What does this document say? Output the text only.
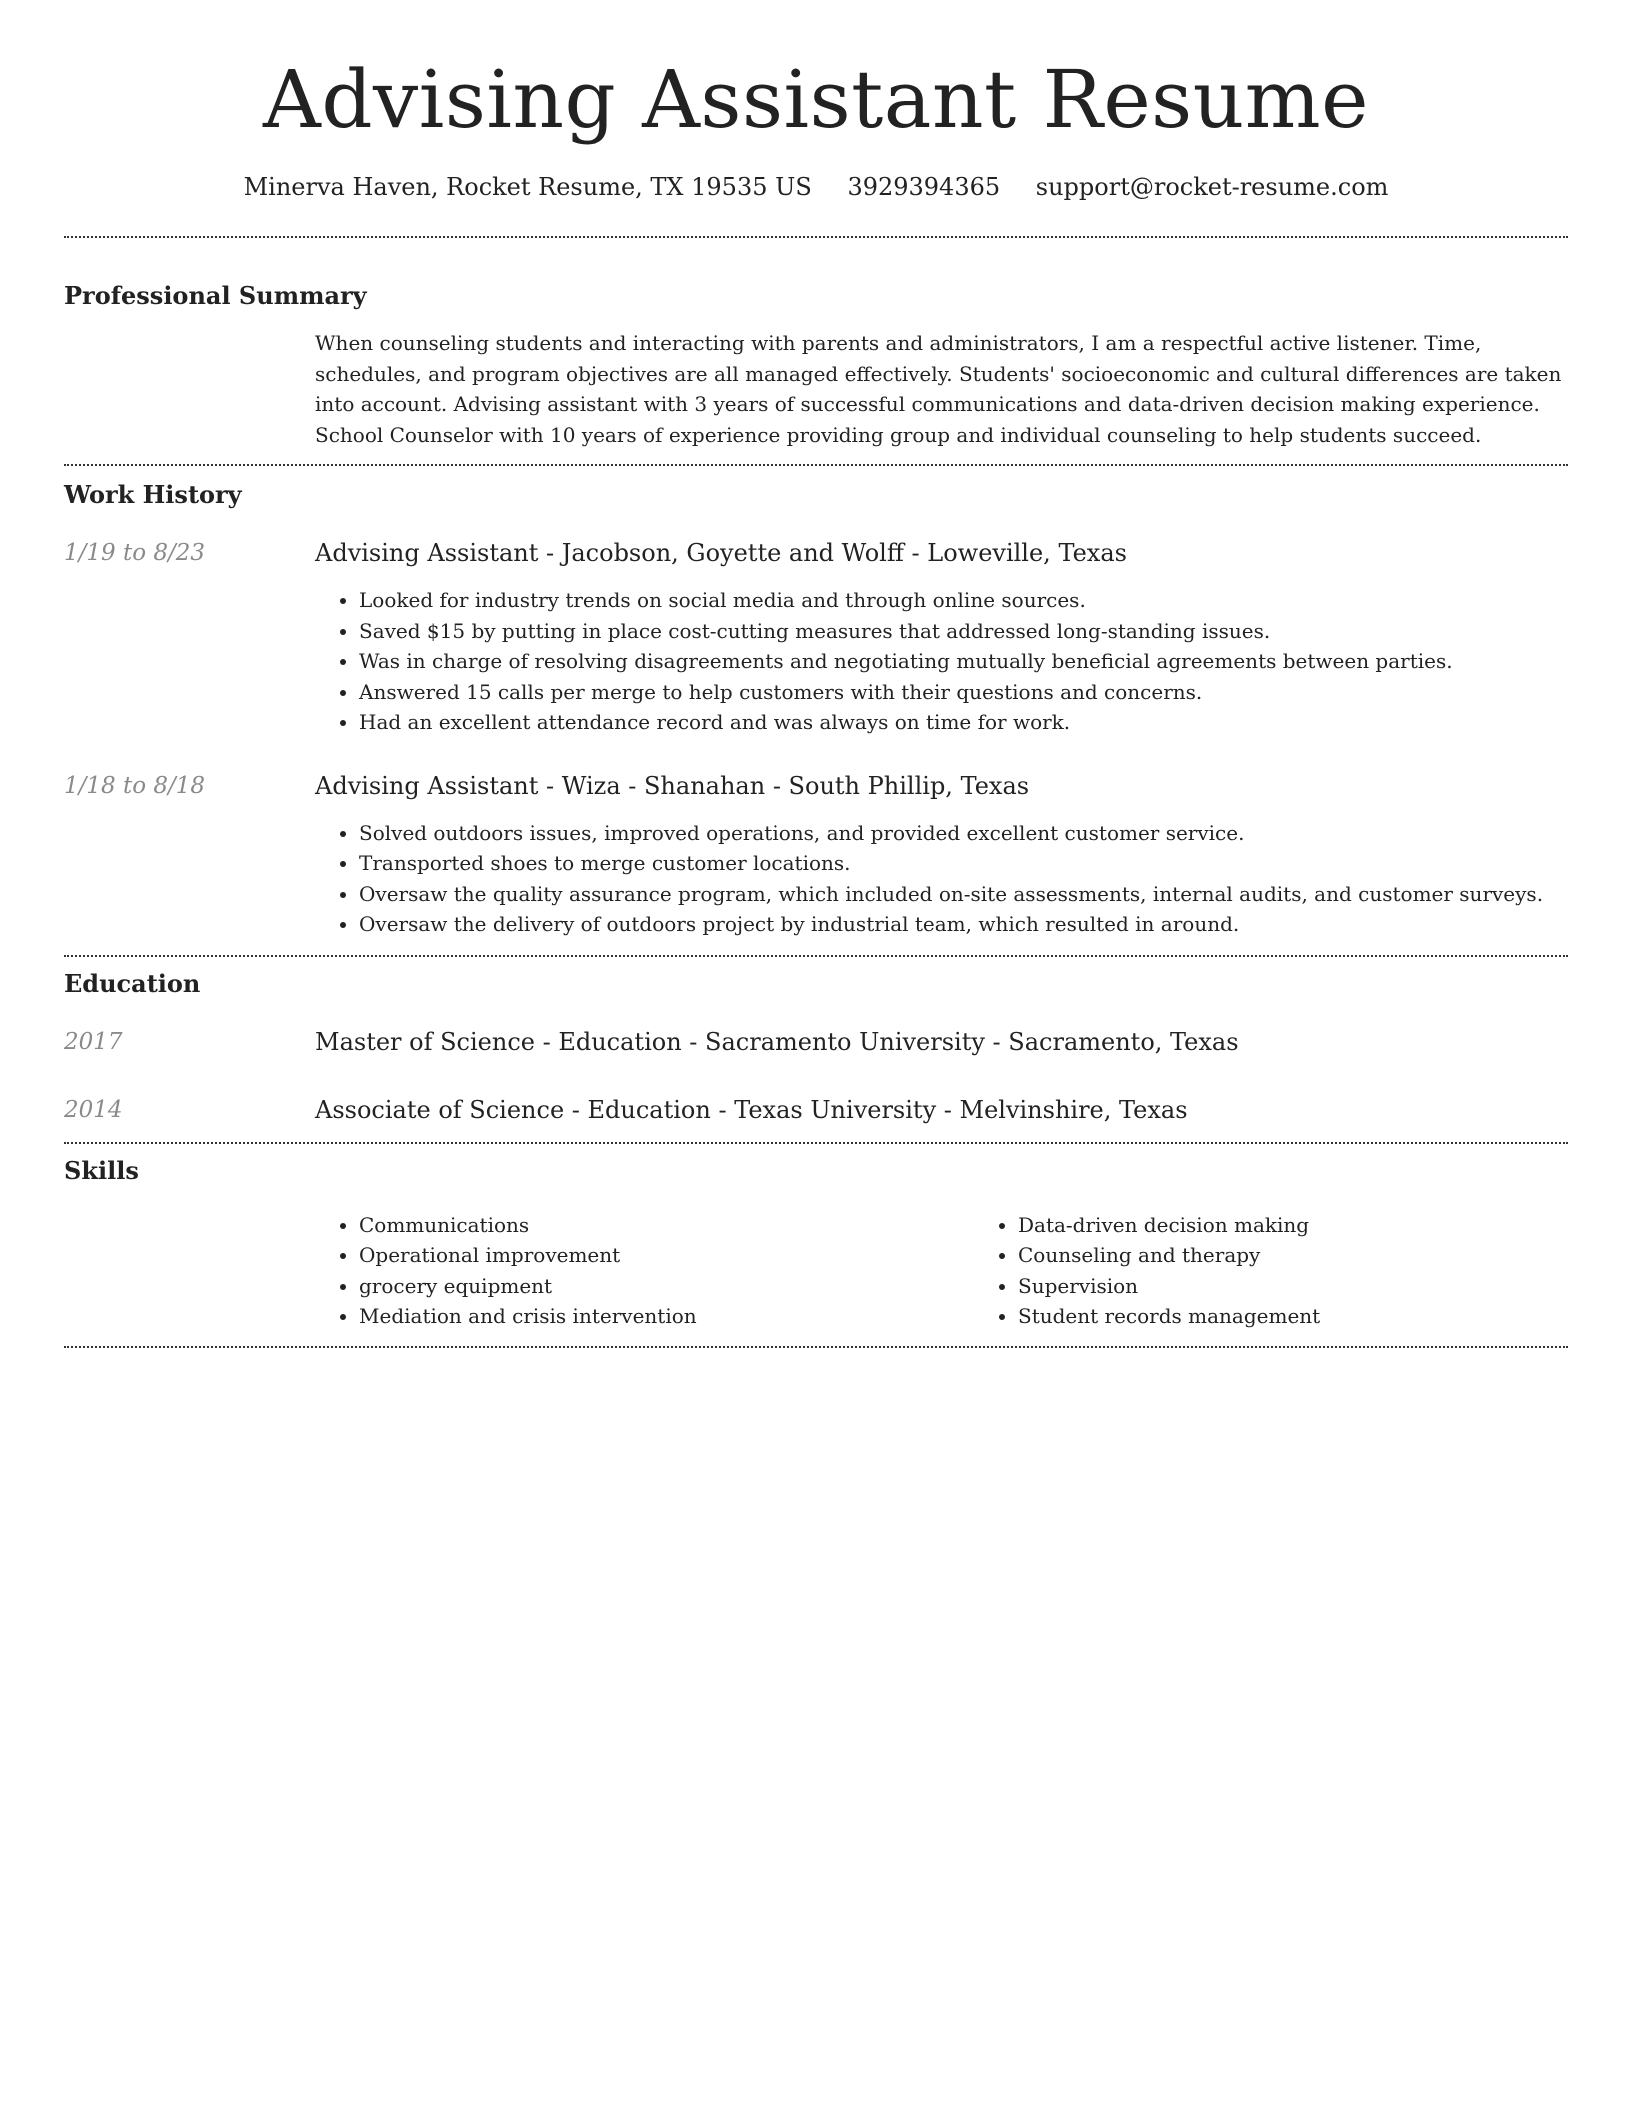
Advising Assistant Resume
Minerva Haven, Rocket Resume, TX 19535 US 3929394365 support@rocket-resume.com
Professional Summary

When counseling students and interacting with parents and administrators, I am a respectful active listener. Time, schedules, and program objectives are all managed effectively. Students' socioeconomic and cultural differences are taken into account. Advising assistant with 3 years of successful communications and data-driven decision making experience. School Counselor with 10 years of experience providing group and individual counseling to help students succeed.

Work History
1/19 to 8/23	Advising Assistant - Jacobson, Goyette and Wolff - Loweville, Texas
• Looked for industry trends on social media and through online sources.
• Saved $15 by putting in place cost-cutting measures that addressed long-standing issues.
• Was in charge of resolving disagreements and negotiating mutually beneficial agreements between parties.
• Answered 15 calls per merge to help customers with their questions and concerns.
• Had an excellent attendance record and was always on time for work.
1/18 to 8/18	Advising Assistant - Wiza - Shanahan - South Phillip, Texas
• Solved outdoors issues, improved operations, and provided excellent customer service.
• Transported shoes to merge customer locations.
• Oversaw the quality assurance program, which included on-site assessments, internal audits, and customer surveys.
• Oversaw the delivery of outdoors project by industrial team, which resulted in around.
Education
2017	Master of Science - Education - Sacramento University - Sacramento, Texas
2014	Associate of Science - Education - Texas University - Melvinshire, Texas
Skills
• Communications
• Operational improvement
• grocery equipment
• Mediation and crisis intervention
• Data-driven decision making
• Counseling and therapy
• Supervision
• Student records management
